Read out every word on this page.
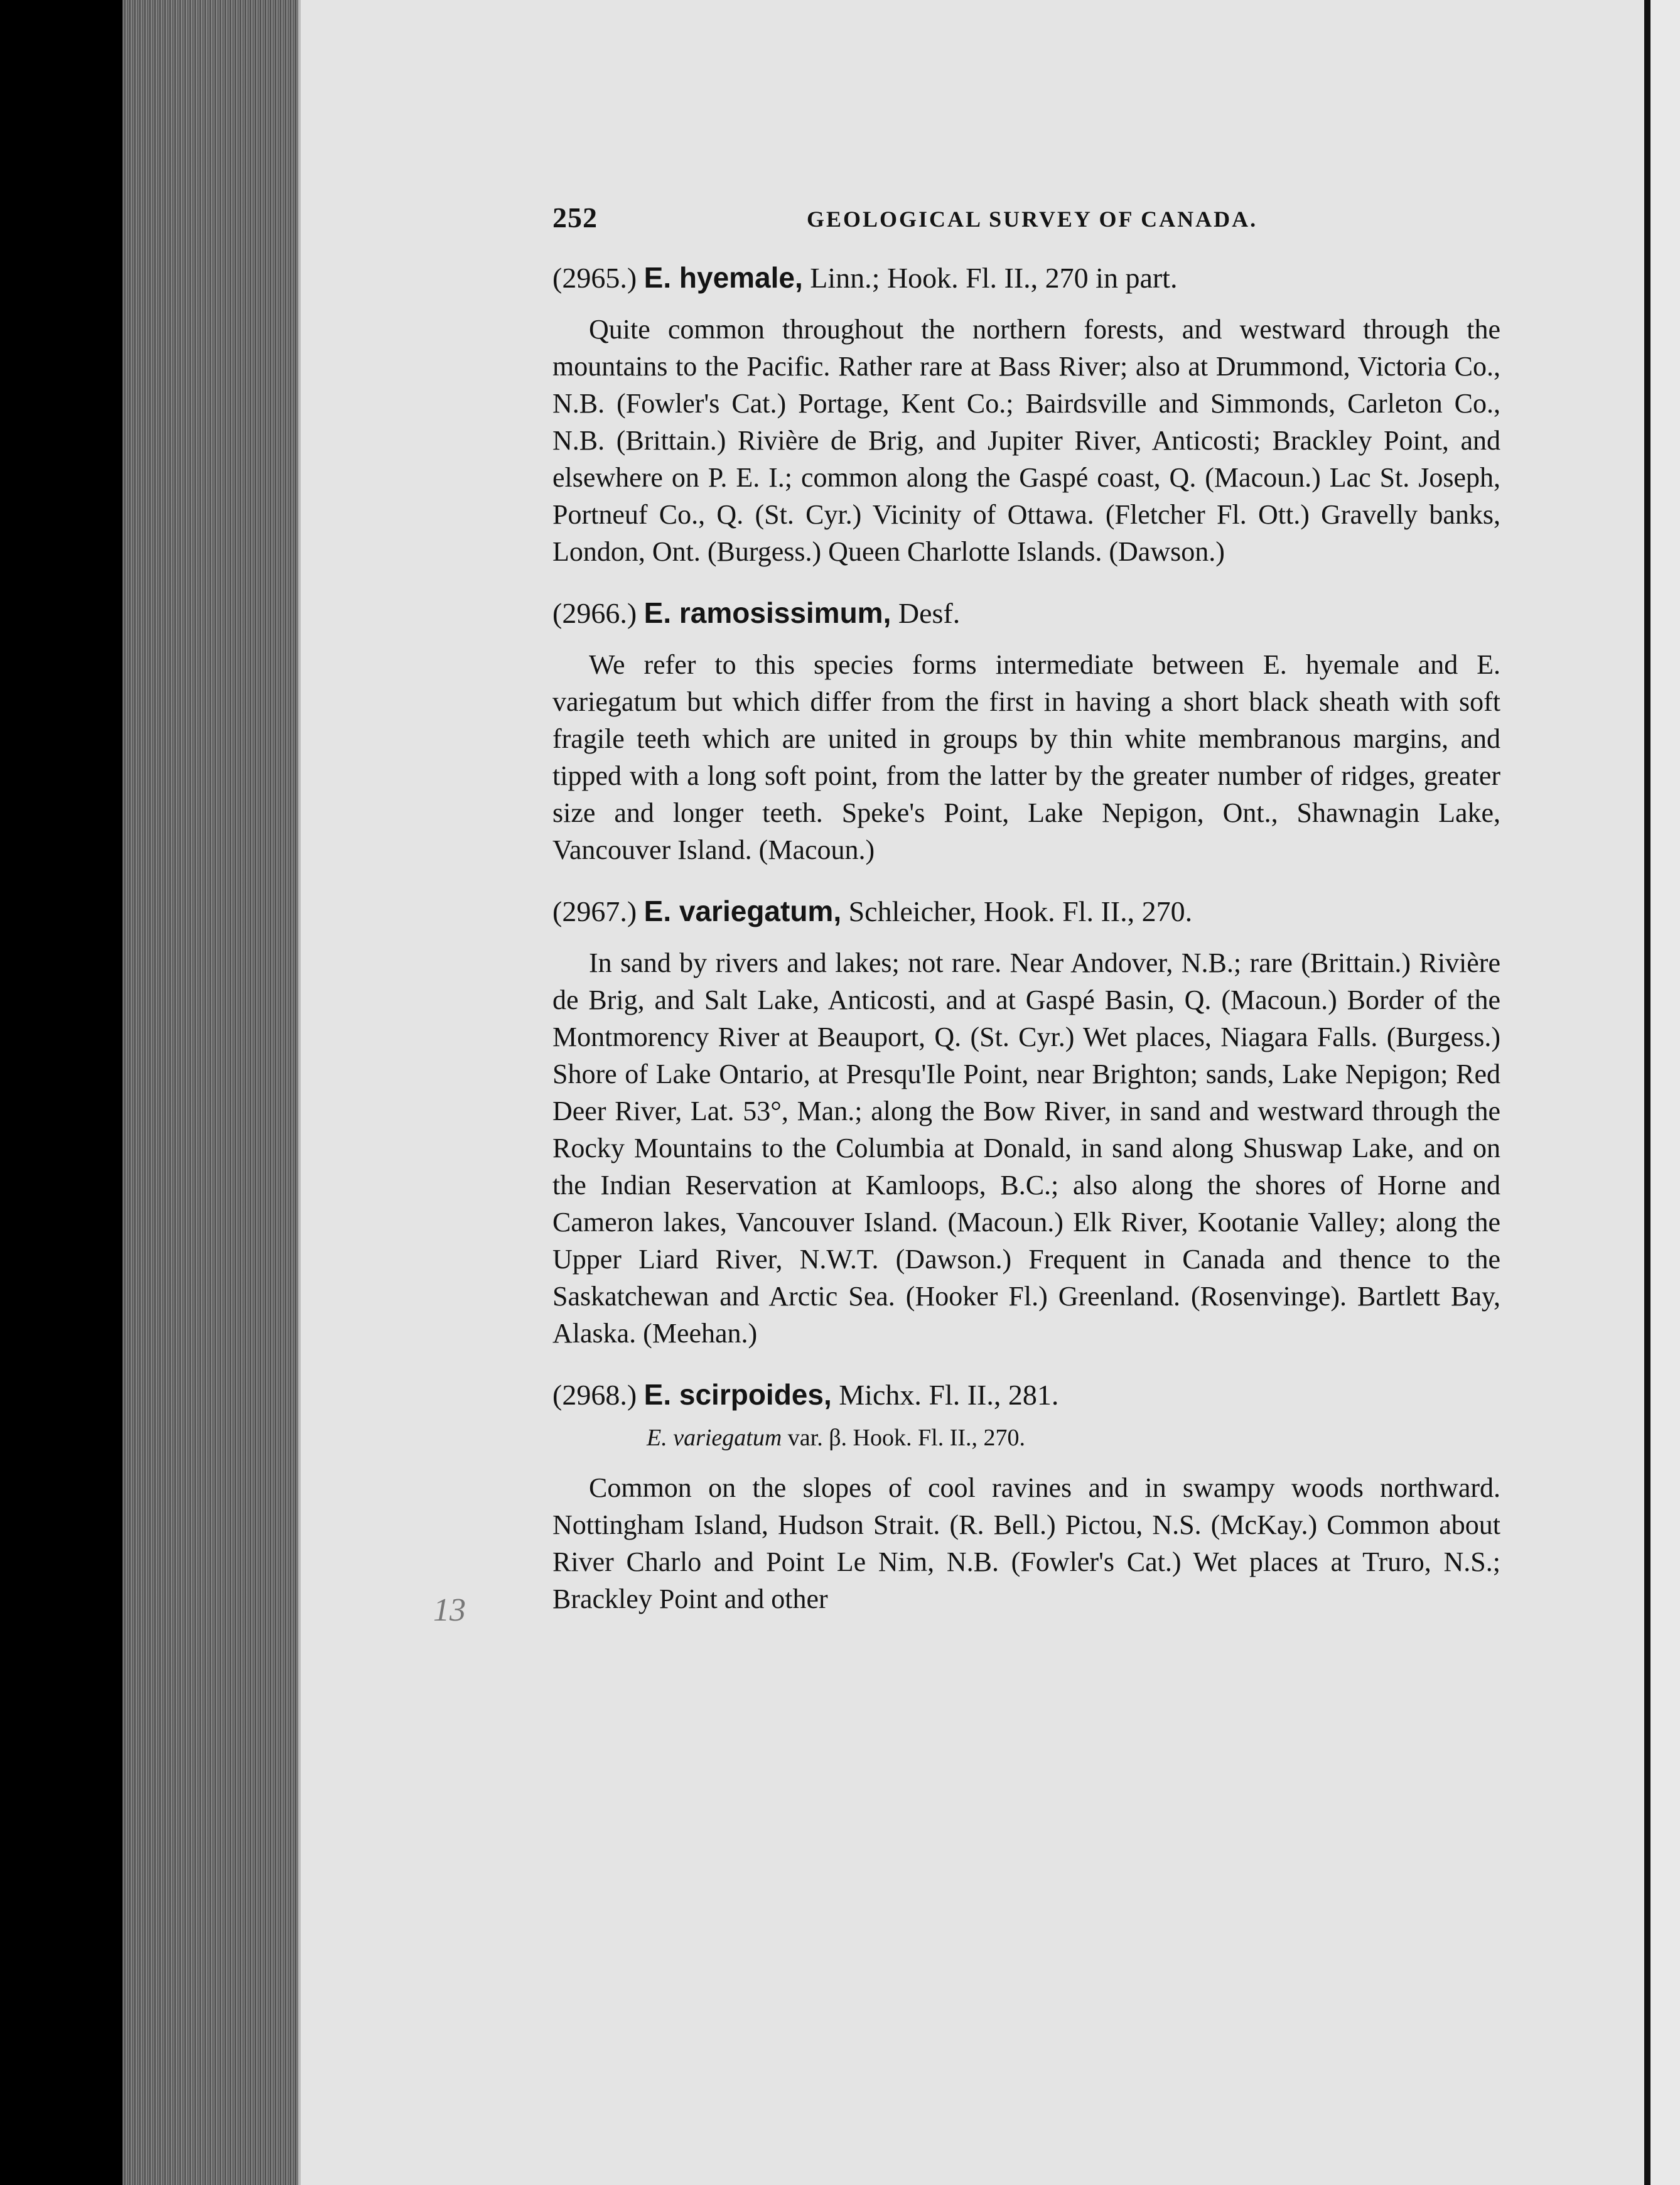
13
252	GEOLOGICAL SURVEY OF CANADA.
(2965.) E. hyemale, Linn.; Hook. Fl. II., 270 in part.
Quite common throughout the northern forests, and westward through the mountains to the Pacific. Rather rare at Bass River; also at Drummond, Victoria Co., N.B. (Fowler's Cat.) Portage, Kent Co.; Bairdsville and Simmonds, Carleton Co., N.B. (Brittain.) Rivière de Brig, and Jupiter River, Anticosti; Brackley Point, and elsewhere on P. E. I.; common along the Gaspé coast, Q. (Macoun.) Lac St. Joseph, Portneuf Co., Q. (St. Cyr.) Vicinity of Ottawa. (Fletcher Fl. Ott.) Gravelly banks, London, Ont. (Burgess.) Queen Charlotte Islands. (Dawson.)
(2966.) E. ramosissimum, Desf.
We refer to this species forms intermediate between E. hyemale and E. variegatum but which differ from the first in having a short black sheath with soft fragile teeth which are united in groups by thin white membranous margins, and tipped with a long soft point, from the latter by the greater number of ridges, greater size and longer teeth. Speke's Point, Lake Nepigon, Ont., Shawnagin Lake, Vancouver Island. (Macoun.)
(2967.) E. variegatum, Schleicher, Hook. Fl. II., 270.
In sand by rivers and lakes; not rare. Near Andover, N.B.; rare (Brittain.) Rivière de Brig, and Salt Lake, Anticosti, and at Gaspé Basin, Q. (Macoun.) Border of the Montmorency River at Beauport, Q. (St. Cyr.) Wet places, Niagara Falls. (Burgess.) Shore of Lake Ontario, at Presqu'Ile Point, near Brighton; sands, Lake Nepigon; Red Deer River, Lat. 53°, Man.; along the Bow River, in sand and westward through the Rocky Mountains to the Columbia at Donald, in sand along Shuswap Lake, and on the Indian Reservation at Kamloops, B.C.; also along the shores of Horne and Cameron lakes, Vancouver Island. (Macoun.) Elk River, Kootanie Valley; along the Upper Liard River, N.W.T. (Dawson.) Frequent in Canada and thence to the Saskatchewan and Arctic Sea. (Hooker Fl.) Greenland. (Rosenvinge). Bartlett Bay, Alaska. (Meehan.)
(2968.) E. scirpoides, Michx. Fl. II., 281.
E. variegatum var. β. Hook. Fl. II., 270.
Common on the slopes of cool ravines and in swampy woods northward. Nottingham Island, Hudson Strait. (R. Bell.) Pictou, N.S. (McKay.) Common about River Charlo and Point Le Nim, N.B. (Fowler's Cat.) Wet places at Truro, N.S.; Brackley Point and other
